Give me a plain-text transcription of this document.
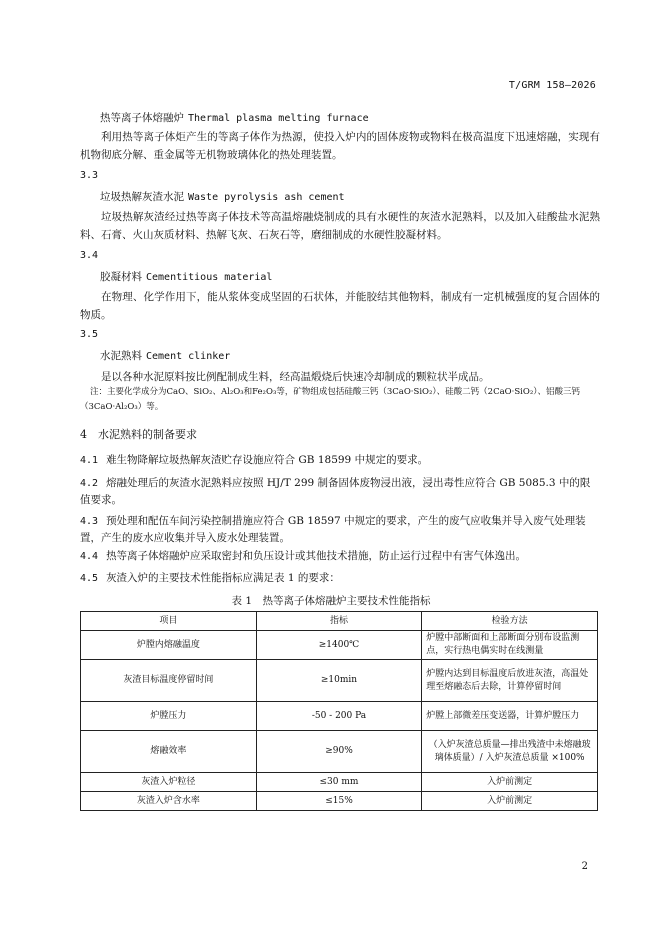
T/GRM 158—2026
热等离子体熔融炉 Thermal plasma melting furnace
利用热等离子体炬产生的等离子体作为热源，使投入炉内的固体废物或物料在极高温度下迅速熔融，实现有机物彻底分解、重金属等无机物玻璃体化的热处理装置。
3.3
垃圾热解灰渣水泥 Waste pyrolysis ash cement
垃圾热解灰渣经过热等离子体技术等高温熔融烧制成的具有水硬性的灰渣水泥熟料，以及加入硅酸盐水泥熟料、石膏、火山灰质材料、热解飞灰、石灰石等，磨细制成的水硬性胶凝材料。
3.4
胶凝材料 Cementitious material
在物理、化学作用下，能从浆体变成坚固的石状体，并能胶结其他物料，制成有一定机械强度的复合固体的物质。
3.5
水泥熟料 Cement clinker
是以各种水泥原料按比例配制成生料，经高温煅烧后快速冷却制成的颗粒状半成品。
注：主要化学成分为CaO、SiO₂、Al₂O₃和Fe₂O₃等，矿物组成包括硅酸三钙（3CaO·SiO₂）、硅酸二钙（2CaO·SiO₂）、铝酸三钙（3CaO·Al₂O₃）等。
4　水泥熟料的制备要求
4.1 难生物降解垃圾热解灰渣贮存设施应符合 GB 18599 中规定的要求。
4.2 熔融处理后的灰渣水泥熟料应按照 HJ/T 299 制备固体废物浸出液，浸出毒性应符合 GB 5085.3 中的限值要求。
4.3 预处理和配伍车间污染控制措施应符合 GB 18597 中规定的要求，产生的废气应收集并导入废气处理装置，产生的废水应收集并导入废水处理装置。
4.4 热等离子体熔融炉应采取密封和负压设计或其他技术措施，防止运行过程中有害气体逸出。
4.5 灰渣入炉的主要技术性能指标应满足表 1 的要求：
表 1　热等离子体熔融炉主要技术性能指标
项目	指标	检验方法
炉膛内熔融温度	≥1400℃	炉膛中部断面和上部断面分别布设监测点，实行热电偶实时在线测量
灰渣目标温度停留时间	≥10min	炉膛内达到目标温度后放进灰渣，高温处理至熔融态后去除，计算停留时间
炉膛压力	-50 - 200 Pa	炉膛上部微差压变送器，计算炉膛压力
熔融效率	≥90%	（入炉灰渣总质量—排出残渣中未熔融玻璃体质量）/ 入炉灰渣总质量 ×100%
灰渣入炉粒径	≤30 mm	入炉前测定
灰渣入炉含水率	≤15%	入炉前测定
2
